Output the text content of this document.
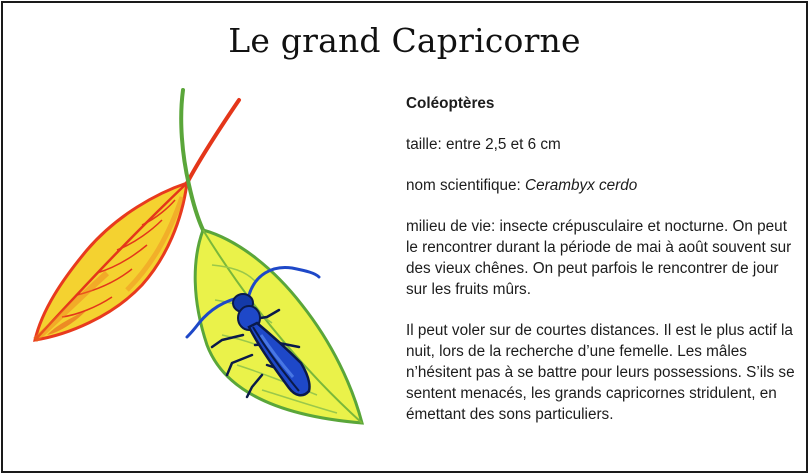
Le grand Capricorne

Coléoptères

taille: entre 2,5 et 6 cm

nom scientifique: Cerambyx cerdo

milieu de vie: insecte crépusculaire et nocturne. On peut le rencontrer durant la période de mai à août souvent sur des vieux chênes. On peut parfois le rencontrer de jour sur les fruits mûrs.

Il peut voler sur de courtes distances. Il est le plus actif la nuit, lors de la recherche d’une femelle. Les mâles n’hésitent pas à se battre pour leurs possessions. S’ils se sentent menacés, les grands capricornes stridulent, en émettant des sons particuliers.
